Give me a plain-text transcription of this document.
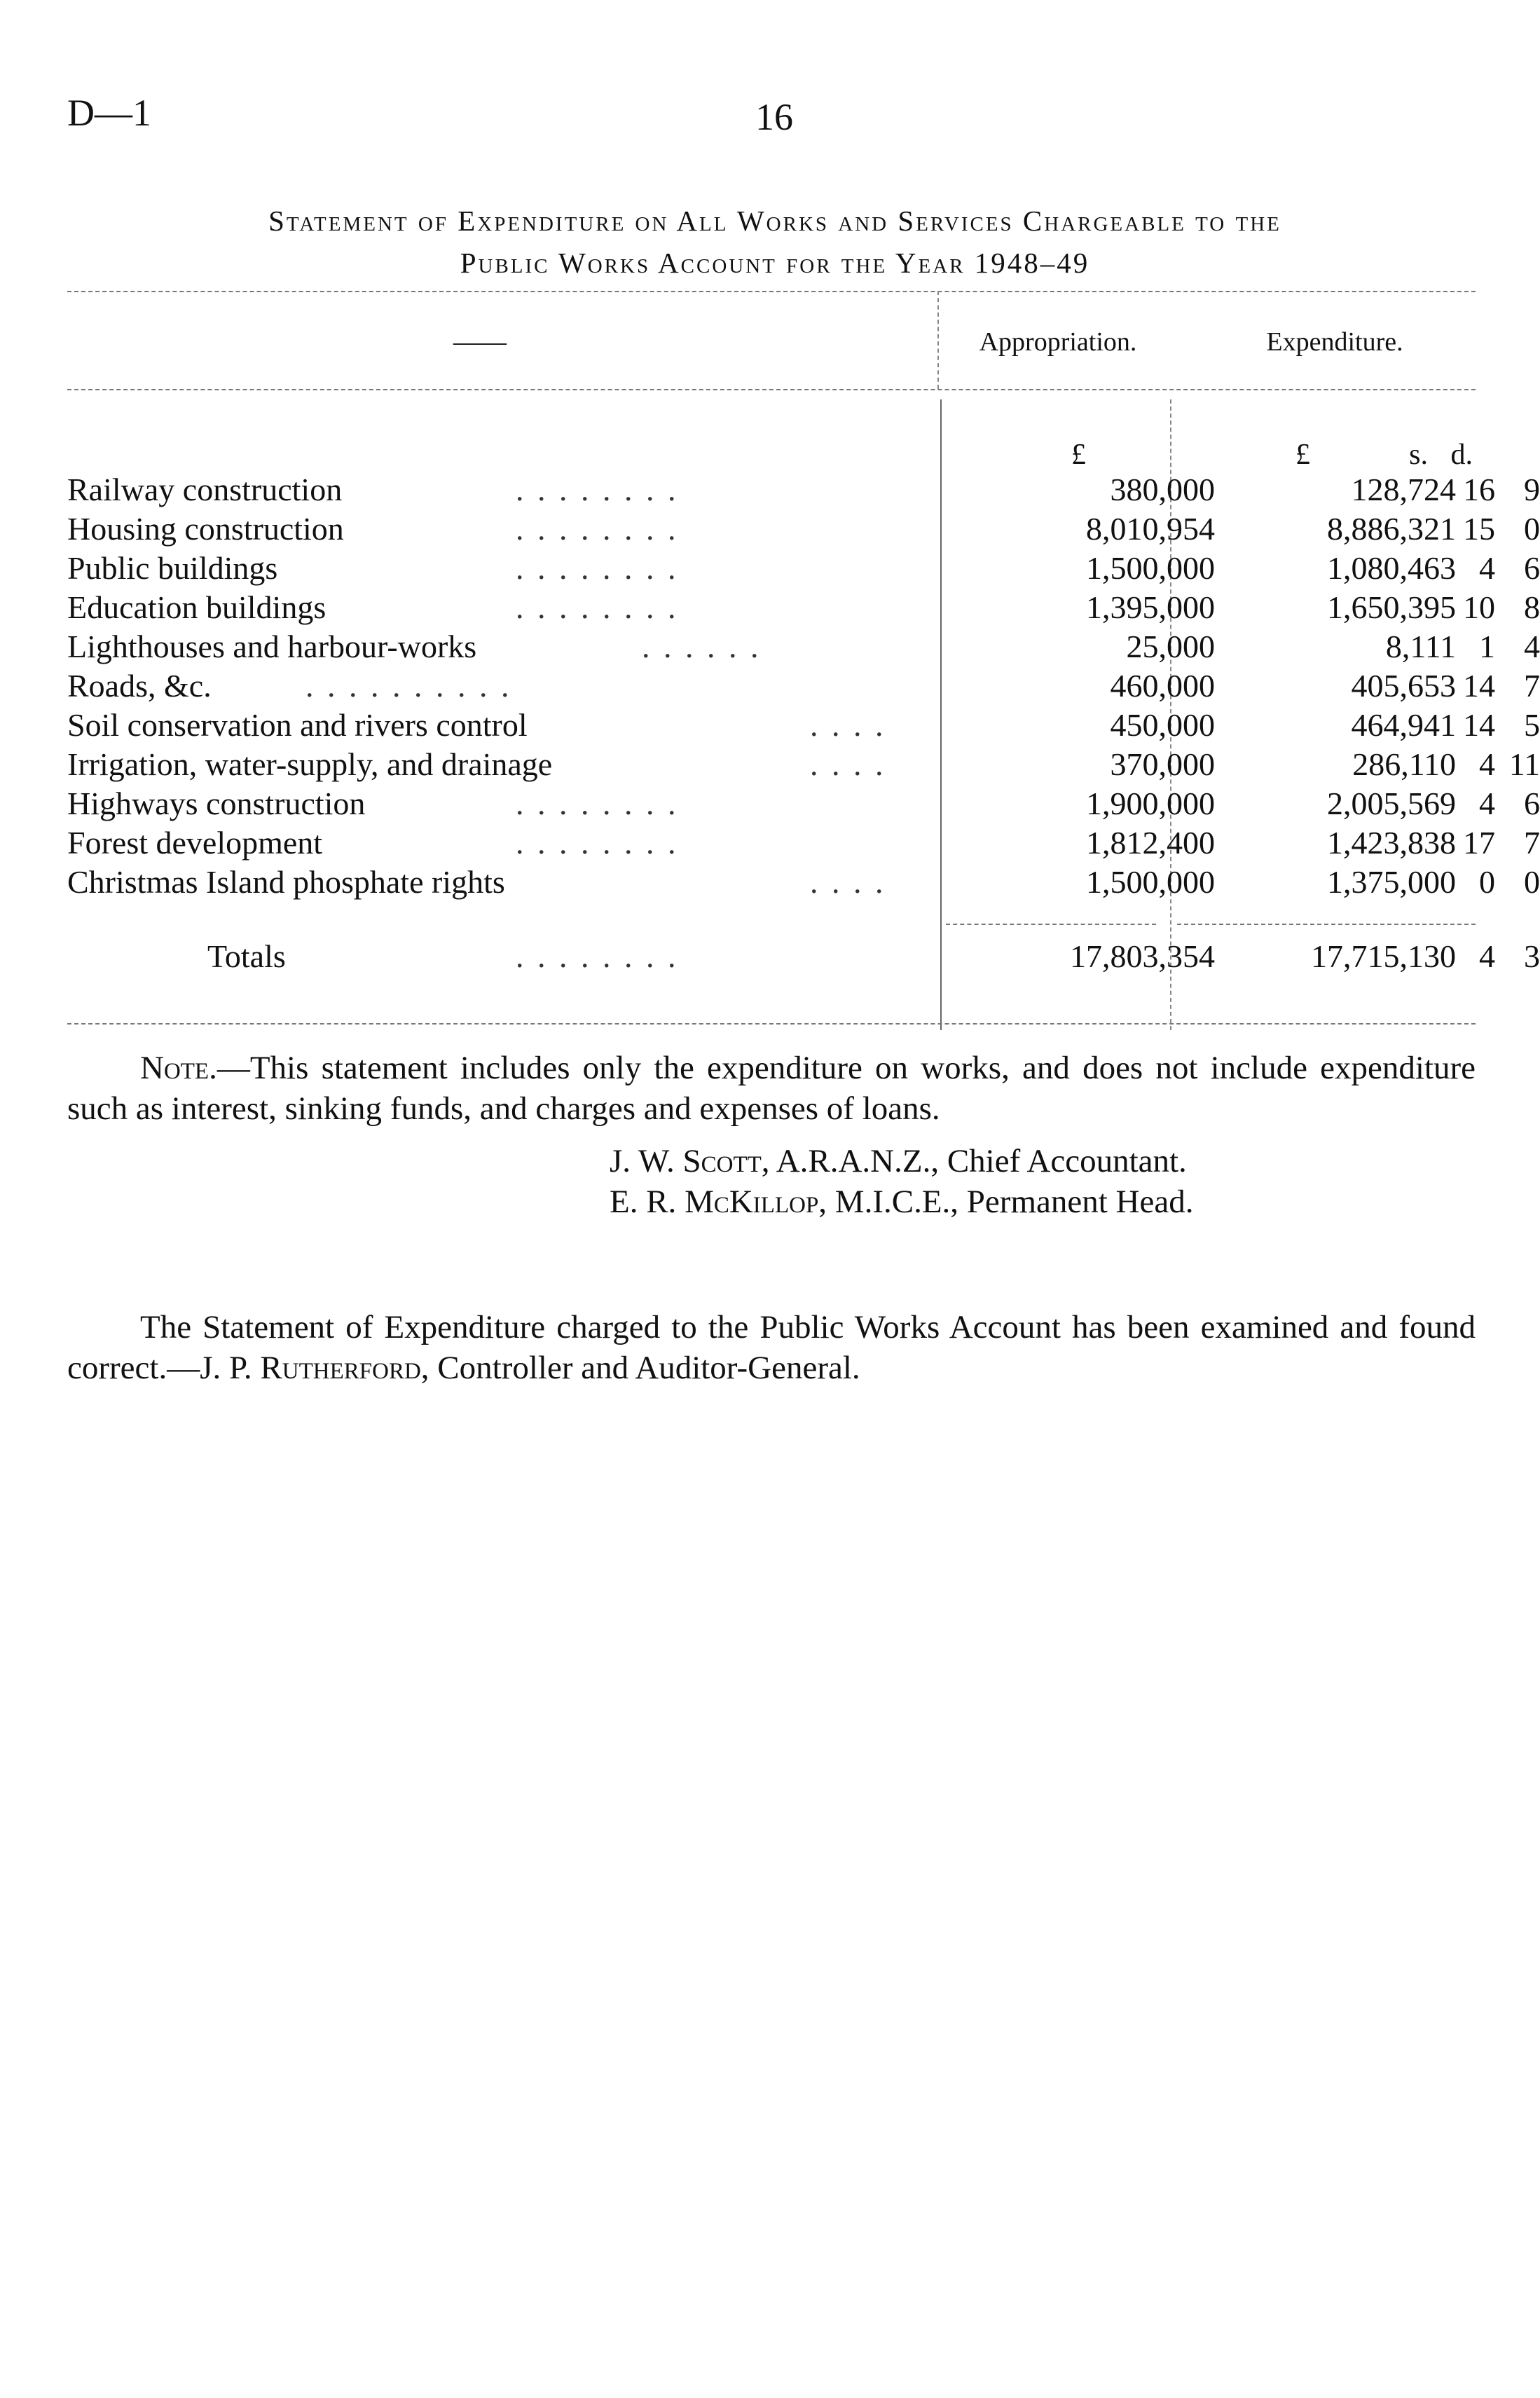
D—1	16
Statement of Expenditure on All Works and Services Chargeable to the
Public Works Account for the Year 1948–49
——	Appropriation.	Expenditure.
£	£	s. d.
Railway construction	. . . . . . . .	380,000	128,724 16 9
Housing construction	. . . . . . . .	8,010,954	8,886,321 15 0
Public buildings	. . . . . . . .	1,500,000	1,080,463 4 6
Education buildings	. . . . . . . .	1,395,000	1,650,395 10 8
Lighthouses and harbour-works	. . . . . .	25,000	8,111 1 4
Roads, &c.	. . . . . . . . . .	460,000	405,653 14 7
Soil conservation and rivers control	. . . .	450,000	464,941 14 5
Irrigation, water-supply, and drainage	. . . .	370,000	286,110 4 11
Highways construction	. . . . . . . .	1,900,000	2,005,569 4 6
Forest development	. . . . . . . .	1,812,400	1,423,838 17 7
Christmas Island phosphate rights	. . . .	1,500,000	1,375,000 0 0
Totals	. . . . . . . .	17,803,354	17,715,130 4 3
Note.—This statement includes only the expenditure on works, and does not include expenditure such as interest, sinking funds, and charges and expenses of loans.
J. W. Scott, A.R.A.N.Z., Chief Accountant.
E. R. McKillop, M.I.C.E., Permanent Head.
The Statement of Expenditure charged to the Public Works Account has been examined and found correct.—J. P. Rutherford, Controller and Auditor-General.
